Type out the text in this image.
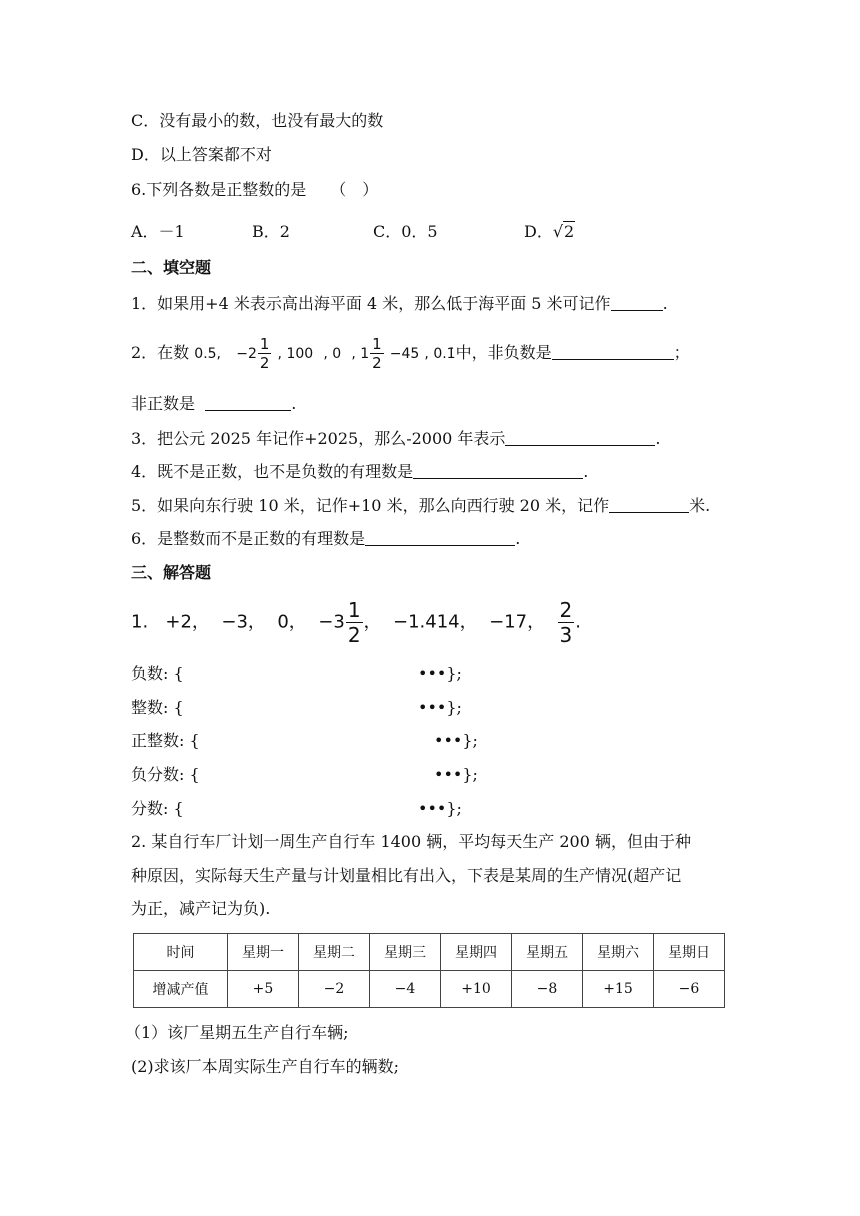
C．没有最小的数，也没有最大的数
D．以上答案都不对
6.下列各数是正整数的是　　（　）
A．－1	B．2	C．0．5	D．√2
二、填空题
1．如果用+4 米表示高出海平面 4 米，那么低于海平面 5 米可记作	.
2．在数 0.5, $-2 \frac{1}{2}$ , 100 , 0 , $1 \frac{1}{2} -45$ , 0.1̇中，非负数是	；
非正数是	.
3．把公元 2025 年记作+2025，那么-2000 年表示	.
4．既不是正数，也不是负数的有理数是	.
5．如果向东行驶 10 米，记作+10 米，那么向西行驶 20 米，记作	米.
6．是整数而不是正数的有理数是	.
三、解答题
1. +2， −3， 0， $-3 \frac{1}{2}$ ， −1.414， −17， $\frac{2}{3}$ .
负数: {	•••};
整数: {	•••};
正整数: {	•••};
负分数: {	•••};
分数: {	•••};
2. 某自行车厂计划一周生产自行车 1400 辆，平均每天生产 200 辆，但由于种
种原因，实际每天生产量与计划量相比有出入，下表是某周的生产情况(超产记
为正，减产记为负).
时间	星期一	星期二	星期三	星期四	星期五	星期六	星期日
增减产值	+5	−2	−4	+10	−8	+15	−6
（1）该厂星期五生产自行车辆;
(2)求该厂本周实际生产自行车的辆数;
